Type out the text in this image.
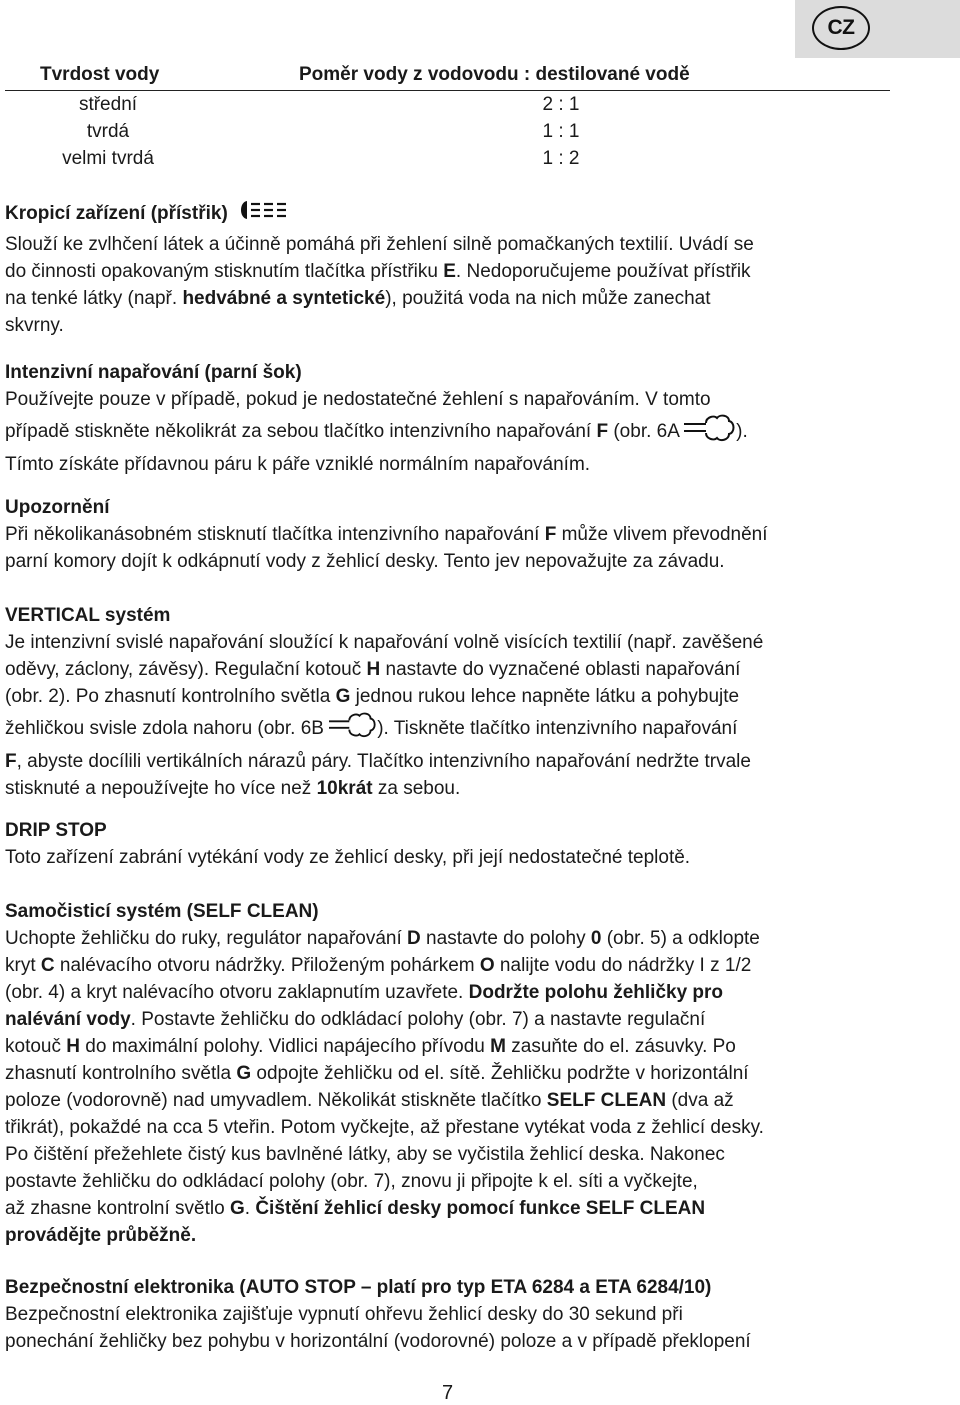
CZ
Tvrdost vody	Poměr vody z vodovodu : destilované vodě
střední	2 : 1
tvrdá	1 : 1
velmi tvrdá	1 : 2
Kropicí zařízení (přístřik)
Slouží ke zvlhčení látek a účinně pomáhá při žehlení silně pomačkaných textilií. Uvádí se
do činnosti opakovaným stisknutím tlačítka přístřiku E. Nedoporučujeme používat přístřik
na tenké látky (např. hedvábné a syntetické), použitá voda na nich může zanechat
skvrny.
Intenzivní napařování (parní šok)
Používejte pouze v případě, pokud je nedostatečné žehlení s napařováním. V tomto
případě stiskněte několikrát za sebou tlačítko intenzivního napařování F (obr. 6A	).
Tímto získáte přídavnou páru k páře vzniklé normálním napařováním.
Upozornění
Při několikanásobném stisknutí tlačítka intenzivního napařování F může vlivem převodnění
parní komory dojít k odkápnutí vody z žehlicí desky. Tento jev nepovažujte za závadu.
VERTICAL systém
Je intenzivní svislé napařování sloužící k napařování volně visících textilií (např. zavěšené
oděvy, záclony, závěsy). Regulační kotouč H nastavte do vyznačené oblasti napařování
(obr. 2). Po zhasnutí kontrolního světla G jednou rukou lehce napněte látku a pohybujte
žehličkou svisle zdola nahoru (obr. 6B	). Tiskněte tlačítko intenzivního napařování
F, abyste docílili vertikálních nárazů páry. Tlačítko intenzivního napařování nedržte trvale
stisknuté a nepoužívejte ho více než 10krát za sebou.
DRIP STOP
Toto zařízení zabrání vytékání vody ze žehlicí desky, při její nedostatečné teplotě.
Samočisticí systém (SELF CLEAN)
Uchopte žehličku do ruky, regulátor napařování D nastavte do polohy 0 (obr. 5) a odklopte
kryt C nalévacího otvoru nádržky. Přiloženým pohárkem O nalijte vodu do nádržky I z 1/2
(obr. 4) a kryt nalévacího otvoru zaklapnutím uzavřete. Dodržte polohu žehličky pro
nalévání vody. Postavte žehličku do odkládací polohy (obr. 7) a nastavte regulační
kotouč H do maximální polohy. Vidlici napájecího přívodu M zasuňte do el. zásuvky. Po
zhasnutí kontrolního světla G odpojte žehličku od el. sítě. Žehličku podržte v horizontální
poloze (vodorovně) nad umyvadlem. Několikát stiskněte tlačítko SELF CLEAN (dva až
třikrát), pokaždé na cca 5 vteřin. Potom vyčkejte, až přestane vytékat voda z žehlicí desky.
Po čištění přežehlete čistý kus bavlněné látky, aby se vyčistila žehlicí deska. Nakonec
postavte žehličku do odkládací polohy (obr. 7), znovu ji připojte k el. síti a vyčkejte,
až zhasne kontrolní světlo G. Čištění žehlicí desky pomocí funkce SELF CLEAN
provádějte průběžně.
Bezpečnostní elektronika (AUTO STOP – platí pro typ ETA 6284 a ETA 6284/10)
Bezpečnostní elektronika zajišťuje vypnutí ohřevu žehlicí desky do 30 sekund při
ponechání žehličky bez pohybu v horizontální (vodorovné) poloze a v případě překlopení
7
